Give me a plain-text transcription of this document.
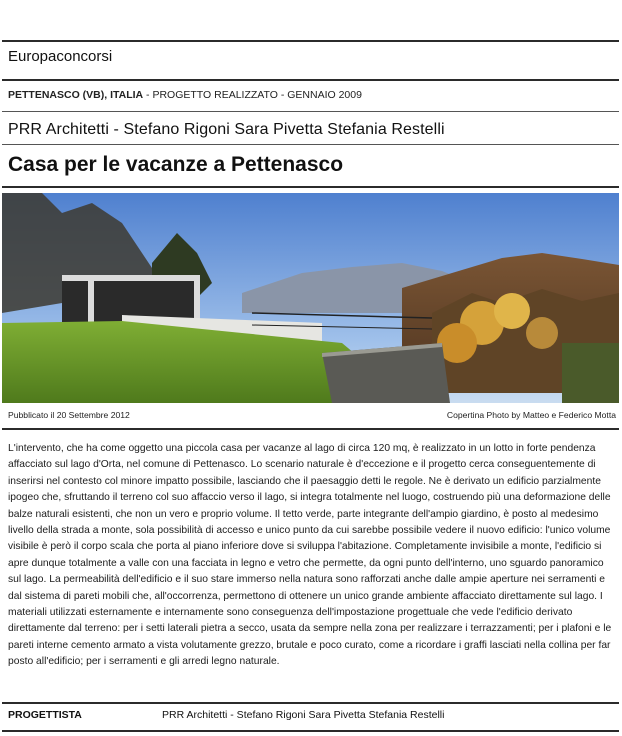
Europaconcorsi
PETTENASCO (VB), ITALIA - PROGETTO REALIZZATO - GENNAIO 2009
PRR Architetti - Stefano Rigoni Sara Pivetta Stefania Restelli
Casa per le vacanze a Pettenasco
Pubblicato il 20 Settembre 2012	Copertina Photo by Matteo e Federico Motta
L'intervento, che ha come oggetto una piccola casa per vacanze al lago di circa 120 mq, è realizzato in un lotto in forte pendenza affacciato sul lago d'Orta, nel comune di Pettenasco. Lo scenario naturale è d'eccezione e il progetto cerca conseguentemente di inserirsi nel contesto col minore impatto possibile, lasciando che il paesaggio detti le regole. Ne è derivato un edificio parzialmente ipogeo che, sfruttando il terreno col suo affaccio verso il lago, si integra totalmente nel luogo, costruendo più una deformazione delle balze naturali esistenti, che non un vero e proprio volume. Il tetto verde, parte integrante dell'ampio giardino, è posto al medesimo livello della strada a monte, sola possibilità di accesso e unico punto da cui sarebbe possibile vedere il nuovo edificio: l'unico volume visibile è però il corpo scala che porta al piano inferiore dove si sviluppa l'abitazione. Completamente invisibile a monte, l'edificio si apre dunque totalmente a valle con una facciata in legno e vetro che permette, da ogni punto dell'interno, uno sguardo panoramico sul lago. La permeabilità dell'edificio e il suo stare immerso nella natura sono rafforzati anche dalle ampie aperture nei serramenti e dal sistema di pareti mobili che, all'occorrenza, permettono di ottenere un unico grande ambiente affacciato direttamente sul lago. I materiali utilizzati esternamente e internamente sono conseguenza dell'impostazione progettuale che vede l'edificio derivato direttamente dal terreno: per i setti laterali pietra a secco, usata da sempre nella zona per realizzare i terrazzamenti; per i plafoni e le pareti interne cemento armato a vista volutamente grezzo, brutale e poco curato, come a ricordare i graffi lasciati nella collina per far posto all'edificio; per i serramenti e gli arredi legno naturale.
PROGETTISTA	PRR Architetti - Stefano Rigoni Sara Pivetta Stefania Restelli
